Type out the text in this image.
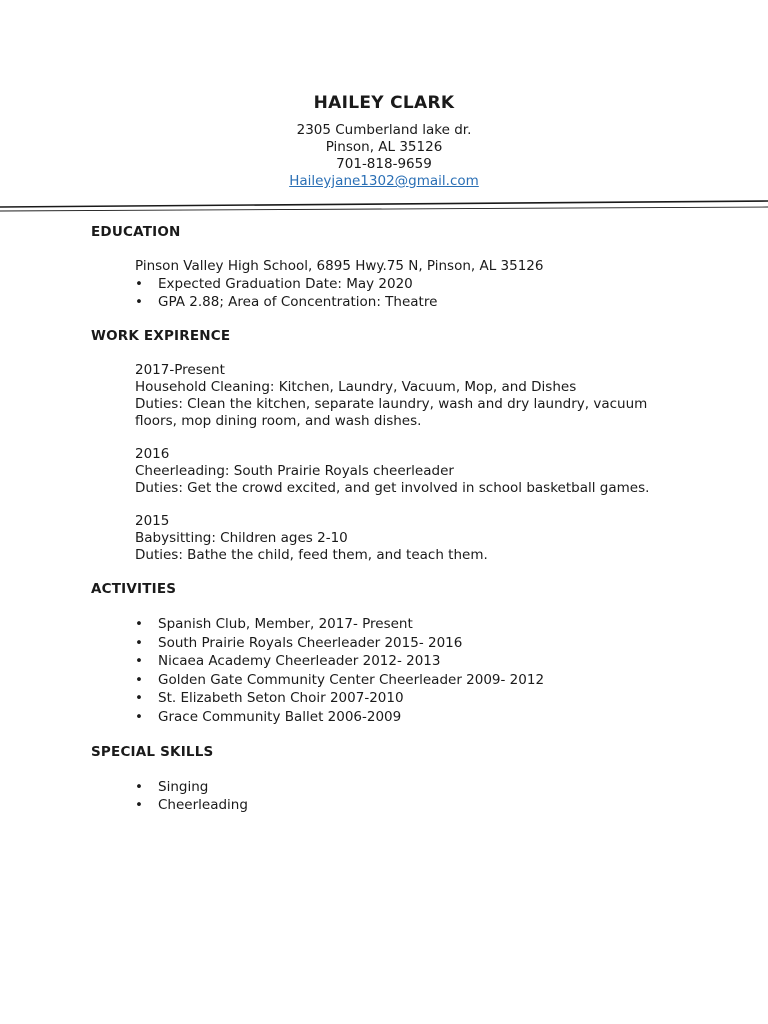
HAILEY CLARK
2305 Cumberland lake dr.
Pinson, AL 35126
701-818-9659
Haileyjane1302@gmail.com
EDUCATION
Pinson Valley High School, 6895 Hwy.75 N, Pinson, AL 35126
• Expected Graduation Date: May 2020
• GPA 2.88; Area of Concentration: Theatre
WORK EXPIRENCE
2017-Present
Household Cleaning: Kitchen, Laundry, Vacuum, Mop, and Dishes
Duties: Clean the kitchen, separate laundry, wash and dry laundry, vacuum
floors, mop dining room, and wash dishes.
2016
Cheerleading: South Prairie Royals cheerleader
Duties: Get the crowd excited, and get involved in school basketball games.
2015
Babysitting: Children ages 2-10
Duties: Bathe the child, feed them, and teach them.
ACTIVITIES
• Spanish Club, Member, 2017- Present
• South Prairie Royals Cheerleader 2015- 2016
• Nicaea Academy Cheerleader 2012- 2013
• Golden Gate Community Center Cheerleader 2009- 2012
• St. Elizabeth Seton Choir 2007-2010
• Grace Community Ballet 2006-2009
SPECIAL SKILLS
• Singing
• Cheerleading
